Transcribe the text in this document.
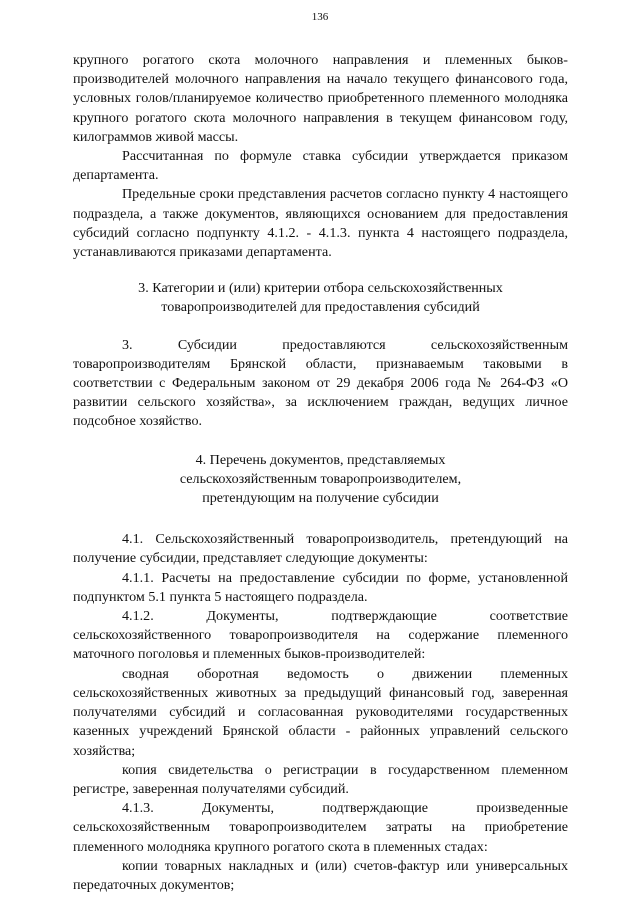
136

крупного рогатого скота молочного направления и племенных быков-производителей молочного направления на начало текущего финансового года, условных голов/планируемое количество приобретенного племенного молодняка крупного рогатого скота молочного направления в текущем финансовом году, килограммов живой массы.

Рассчитанная по формуле ставка субсидии утверждается приказом департамента.

Предельные сроки представления расчетов согласно пункту 4 настоящего подраздела, а также документов, являющихся основанием для предоставления субсидий согласно подпункту 4.1.2. - 4.1.3. пункта 4 настоящего подраздела, устанавливаются приказами департамента.

3. Категории и (или) критерии отбора сельскохозяйственных

товаропроизводителей для предоставления субсидий

3. Субсидии предоставляются сельскохозяйственным

товаропроизводителям Брянской области, признаваемым таковыми в соответствии с Федеральным законом от 29 декабря 2006 года № 264-ФЗ «О развитии сельского хозяйства», за исключением граждан, ведущих личное подсобное хозяйство.

4. Перечень документов, представляемых

сельскохозяйственным товаропроизводителем,

претендующим на получение субсидии

4.1. Сельскохозяйственный товаропроизводитель, претендующий на получение субсидии, представляет следующие документы:

4.1.1. Расчеты на предоставление субсидии по форме, установленной подпунктом 5.1 пункта 5 настоящего подраздела.

4.1.2. Документы, подтверждающие соответствие

сельскохозяйственного товаропроизводителя на содержание племенного маточного поголовья и племенных быков-производителей:

сводная оборотная ведомость о движении племенных

сельскохозяйственных животных за предыдущий финансовый год, заверенная получателями субсидий и согласованная руководителями государственных казенных учреждений Брянской области - районных управлений сельского хозяйства;

копия свидетельства о регистрации в государственном племенном регистре, заверенная получателями субсидий.

4.1.3. Документы, подтверждающие произведенные

сельскохозяйственным товаропроизводителем затраты на приобретение племенного молодняка крупного рогатого скота в племенных стадах:

копии товарных накладных и (или) счетов-фактур или универсальных передаточных документов;
